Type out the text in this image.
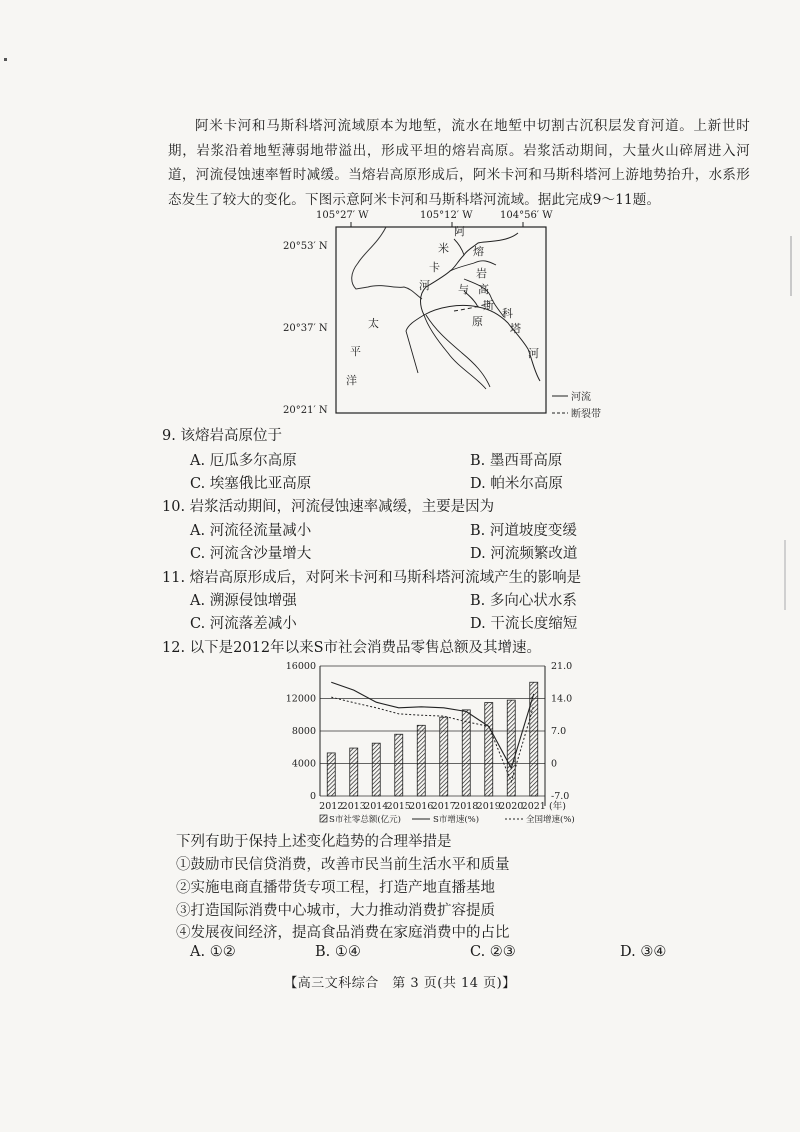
阿米卡河和马斯科塔河流域原本为地堑，流水在地堑中切割古沉积层发育河道。上新世时期，岩浆沿着地堑薄弱地带溢出，形成平坦的熔岩高原。岩浆活动期间，大量火山碎屑进入河道，河流侵蚀速率暂时减缓。当熔岩高原形成后，阿米卡河和马斯科塔河上游地势抬升，水系形态发生了较大的变化。下图示意阿米卡河和马斯科塔河流域。据此完成9～11题。
105°27′ W	105°12′ W	104°56′ W
20°53′ N
20°37′ N
20°21′ N
阿
米
卡
河
熔
岩
高
原
与
斯
科
塔
河
太
平
洋
河流
断裂带
9. 该熔岩高原位于
A. 厄瓜多尔高原	B. 墨西哥高原
C. 埃塞俄比亚高原	D. 帕米尔高原
10. 岩浆活动期间，河流侵蚀速率减缓，主要是因为
A. 河流径流量减小	B. 河道坡度变缓
C. 河流含沙量增大	D. 河流频繁改道
11. 熔岩高原形成后，对阿米卡河和马斯科塔河流域产生的影响是
A. 溯源侵蚀增强	B. 多向心状水系
C. 河流落差减小	D. 干流长度缩短
12. 以下是2012年以来S市社会消费品零售总额及其增速。
16000
12000
8000
4000
0
21.0
14.0
7.0
0
-7.0
2012
2013
2014
2015
2016
2017
2018
2019
2020
2021 (年)
S市社零总额(亿元)	S市增速(%)	全国增速(%)
下列有助于保持上述变化趋势的合理举措是
①鼓励市民信贷消费，改善市民当前生活水平和质量
②实施电商直播带货专项工程，打造产地直播基地
③打造国际消费中心城市，大力推动消费扩容提质
④发展夜间经济，提高食品消费在家庭消费中的占比
A. ①②	B. ①④	C. ②③	D. ③④
【高三文科综合　第 3 页(共 14 页)】
